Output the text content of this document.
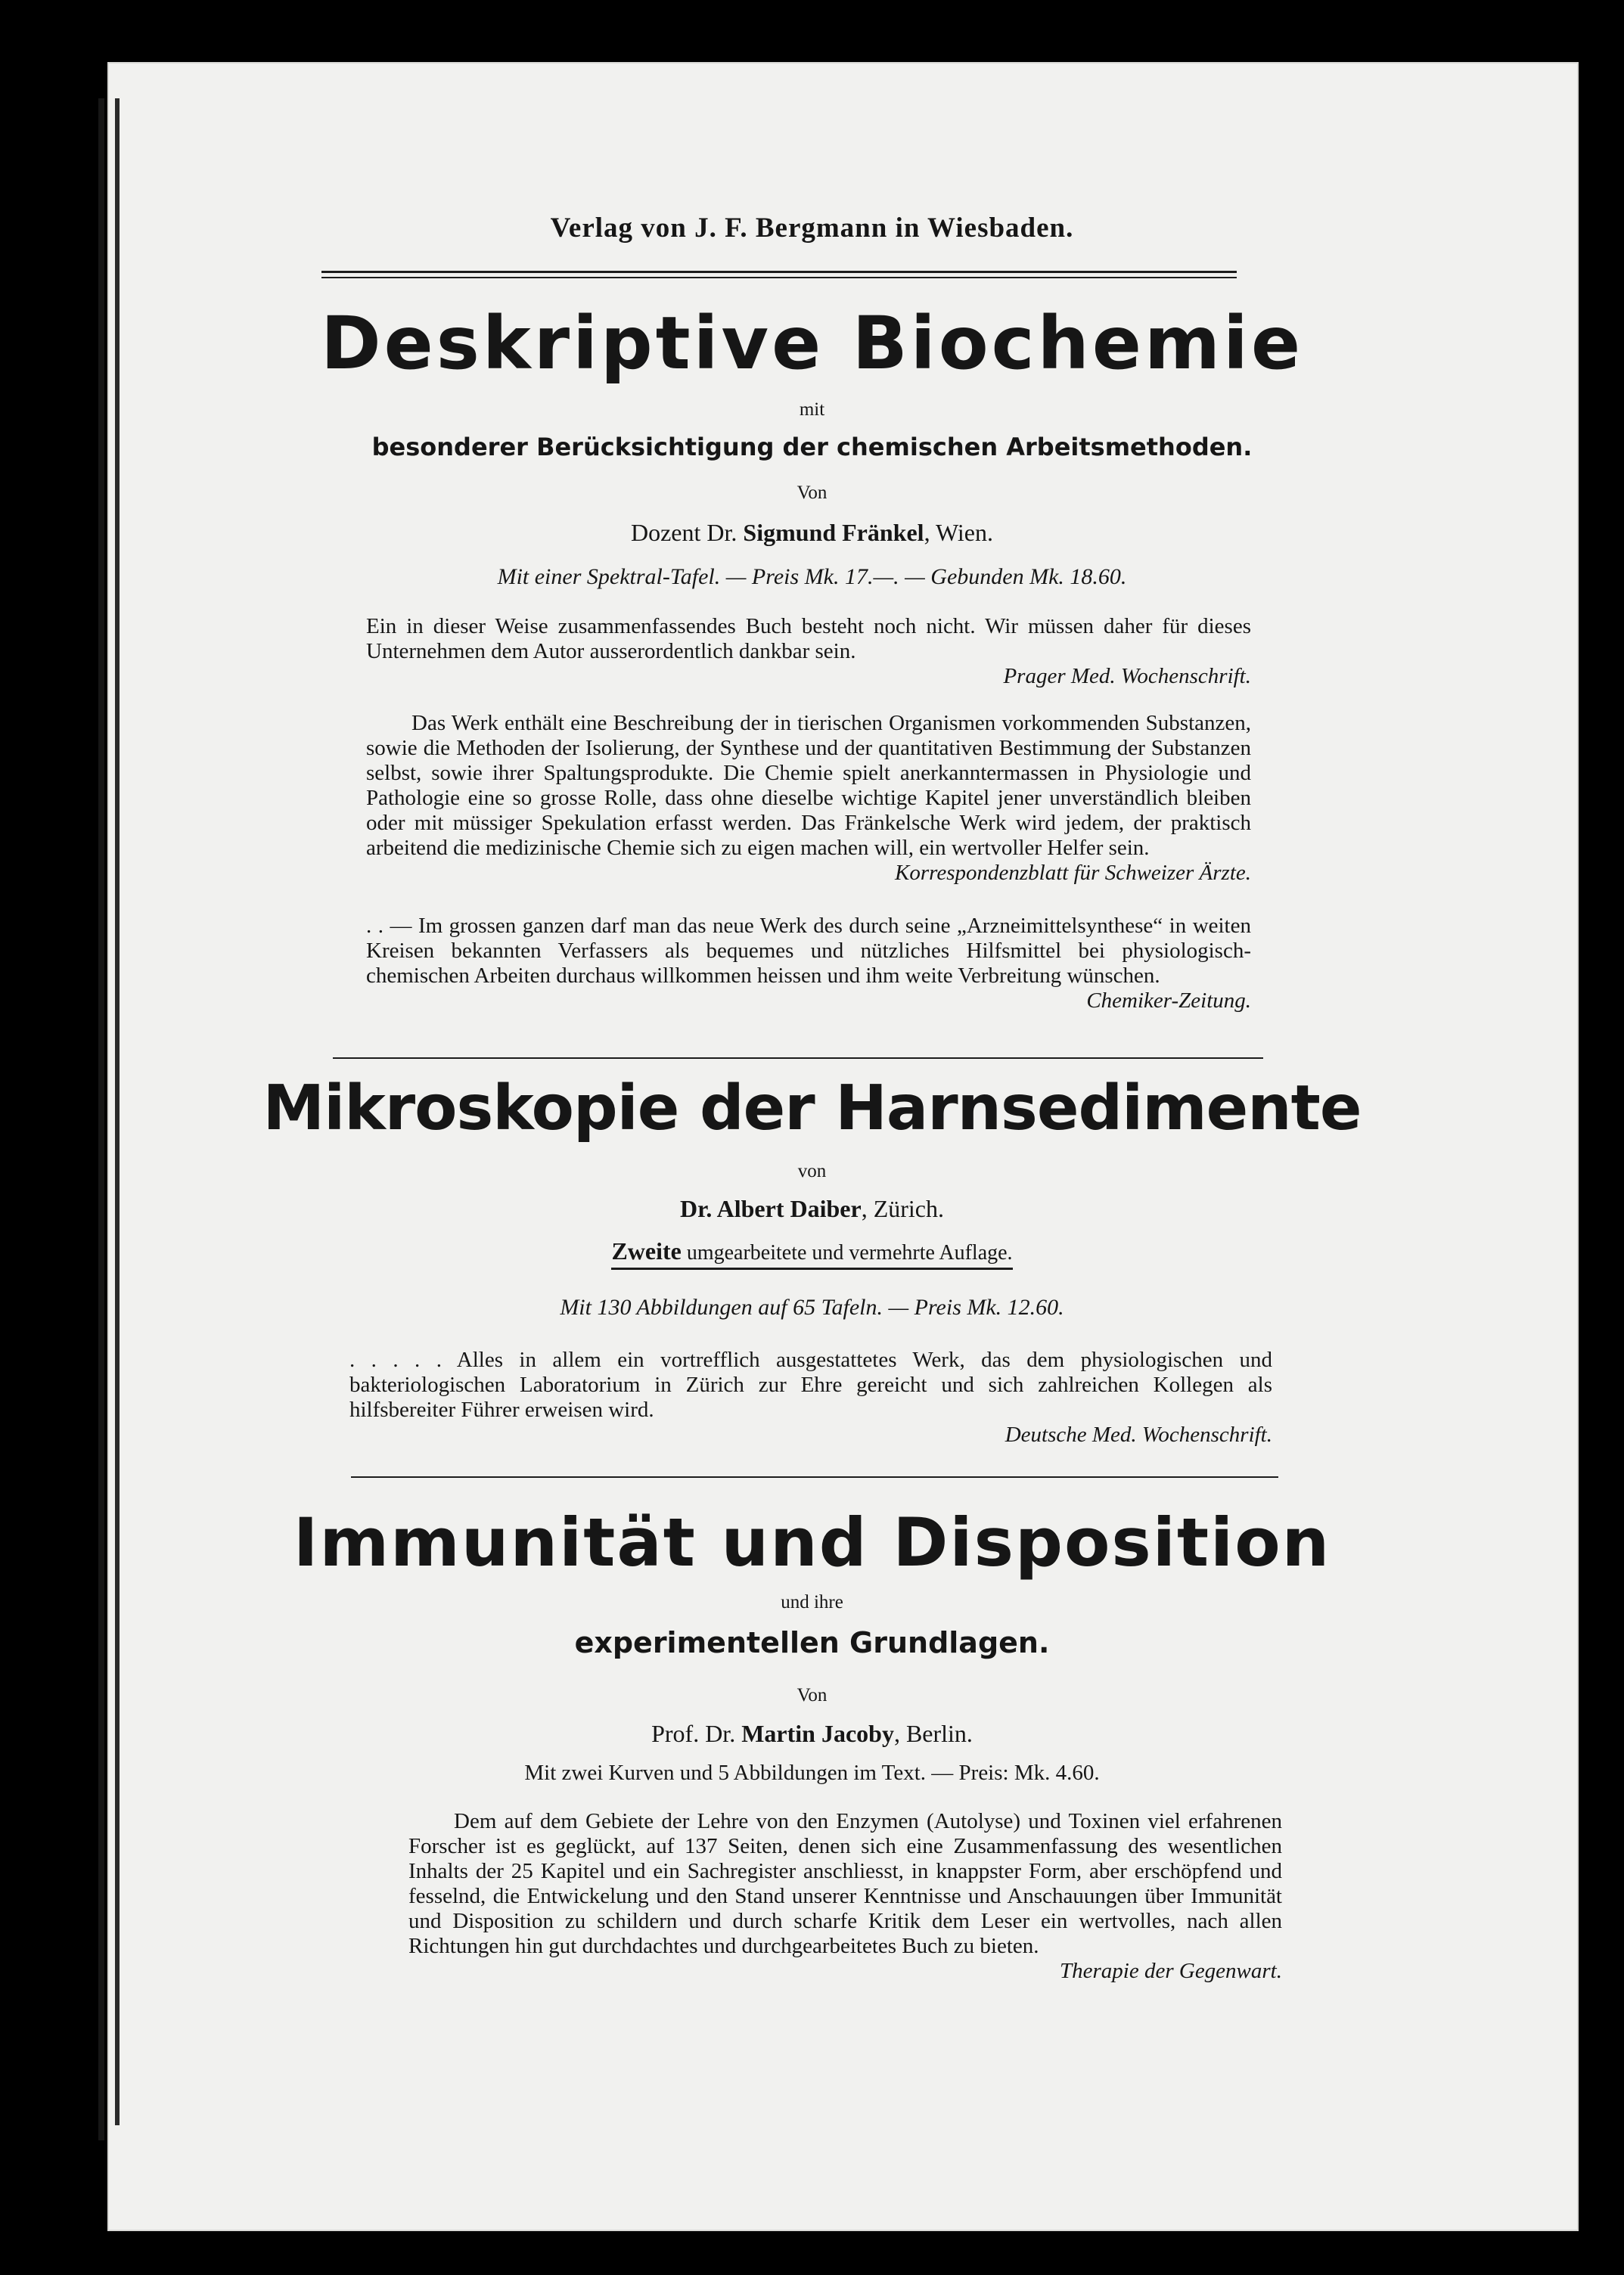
Verlag von J. F. Bergmann in Wiesbaden.
Deskriptive Biochemie
mit
besonderer Berücksichtigung der chemischen Arbeitsmethoden.
Von
Dozent Dr. Sigmund Fränkel, Wien.
Mit einer Spektral-Tafel. — Preis Mk. 17.—. — Gebunden Mk. 18.60.

Ein in dieser Weise zusammenfassendes Buch besteht noch nicht. Wir müssen daher für dieses Unternehmen dem Autor ausserordentlich dankbar sein.

Prager Med. Wochenschrift.

Das Werk enthält eine Beschreibung der in tierischen Organismen vorkommenden Substanzen, sowie die Methoden der Isolierung, der Synthese und der quantitativen Bestimmung der Substanzen selbst, sowie ihrer Spaltungsprodukte. Die Chemie spielt anerkanntermassen in Physiologie und Pathologie eine so grosse Rolle, dass ohne dieselbe wichtige Kapitel jener unverständlich bleiben oder mit müssiger Spekulation erfasst werden. Das Fränkelsche Werk wird jedem, der praktisch arbeitend die medizinische Chemie sich zu eigen machen will, ein wertvoller Helfer sein.

Korrespondenzblatt für Schweizer Ärzte.

. . — Im grossen ganzen darf man das neue Werk des durch seine „Arzneimittelsynthese“ in weiten Kreisen bekannten Verfassers als bequemes und nützliches Hilfsmittel bei physiologisch-chemischen Arbeiten durchaus willkommen heissen und ihm weite Verbreitung wünschen.

Chemiker-Zeitung.

Mikroskopie der Harnsedimente
von
Dr. Albert Daiber, Zürich.
Zweite umgearbeitete und vermehrte Auflage.
Mit 130 Abbildungen auf 65 Tafeln. — Preis Mk. 12.60.

. . . . . Alles in allem ein vortrefflich ausgestattetes Werk, das dem physiologischen und bakteriologischen Laboratorium in Zürich zur Ehre gereicht und sich zahlreichen Kollegen als hilfsbereiter Führer erweisen wird.

Deutsche Med. Wochenschrift.

Immunität und Disposition
und ihre
experimentellen Grundlagen.
Von
Prof. Dr. Martin Jacoby, Berlin.
Mit zwei Kurven und 5 Abbildungen im Text. — Preis: Mk. 4.60.

Dem auf dem Gebiete der Lehre von den Enzymen (Autolyse) und Toxinen viel erfahrenen Forscher ist es geglückt, auf 137 Seiten, denen sich eine Zusammenfassung des wesentlichen Inhalts der 25 Kapitel und ein Sachregister anschliesst, in knappster Form, aber erschöpfend und fesselnd, die Entwickelung und den Stand unserer Kenntnisse und Anschauungen über Immunität und Disposition zu schildern und durch scharfe Kritik dem Leser ein wertvolles, nach allen Richtungen hin gut durchdachtes und durchgearbeitetes Buch zu bieten.

Therapie der Gegenwart.
